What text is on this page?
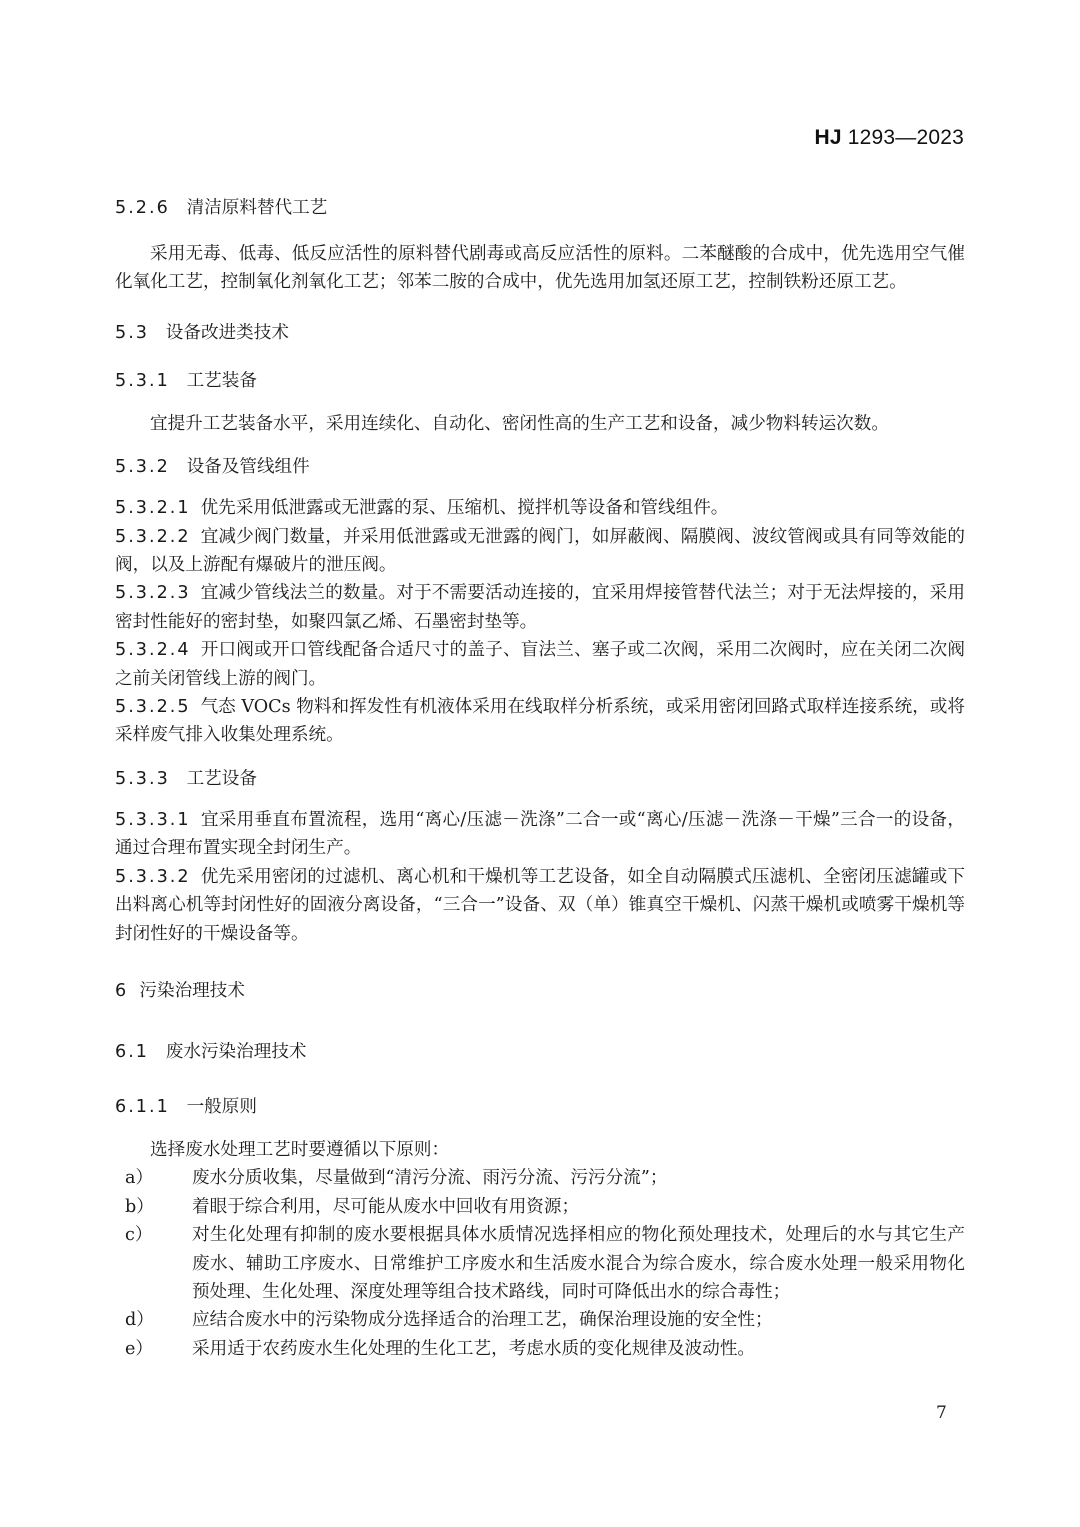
HJ 1293—2023
5.2.6 清洁原料替代工艺

采用无毒、低毒、低反应活性的原料替代剧毒或高反应活性的原料。二苯醚酸的合成中，优先选用空气催化氧化工艺，控制氧化剂氧化工艺；邻苯二胺的合成中，优先选用加氢还原工艺，控制铁粉还原工艺。

5.3 设备改进类技术
5.3.1 工艺装备

宜提升工艺装备水平，采用连续化、自动化、密闭性高的生产工艺和设备，减少物料转运次数。

5.3.2 设备及管线组件

5.3.2.1 优先采用低泄露或无泄露的泵、压缩机、搅拌机等设备和管线组件。

5.3.2.2 宜减少阀门数量，并采用低泄露或无泄露的阀门，如屏蔽阀、隔膜阀、波纹管阀或具有同等效能的阀，以及上游配有爆破片的泄压阀。

5.3.2.3 宜减少管线法兰的数量。对于不需要活动连接的，宜采用焊接管替代法兰；对于无法焊接的，采用密封性能好的密封垫，如聚四氯乙烯、石墨密封垫等。

5.3.2.4 开口阀或开口管线配备合适尺寸的盖子、盲法兰、塞子或二次阀，采用二次阀时，应在关闭二次阀之前关闭管线上游的阀门。

5.3.2.5 气态 VOCs 物料和挥发性有机液体采用在线取样分析系统，或采用密闭回路式取样连接系统，或将采样废气排入收集处理系统。

5.3.3 工艺设备

5.3.3.1 宜采用垂直布置流程，选用“离心/压滤－洗涤”二合一或“离心/压滤－洗涤－干燥”三合一的设备，通过合理布置实现全封闭生产。

5.3.3.2 优先采用密闭的过滤机、离心机和干燥机等工艺设备，如全自动隔膜式压滤机、全密闭压滤罐或下出料离心机等封闭性好的固液分离设备，“三合一”设备、双（单）锥真空干燥机、闪蒸干燥机或喷雾干燥机等封闭性好的干燥设备等。

6 污染治理技术
6.1 废水污染治理技术
6.1.1 一般原则

选择废水处理工艺时要遵循以下原则：

a） 废水分质收集，尽量做到“清污分流、雨污分流、污污分流”；
b） 着眼于综合利用，尽可能从废水中回收有用资源；
c） 对生化处理有抑制的废水要根据具体水质情况选择相应的物化预处理技术，处理后的水与其它生产废水、辅助工序废水、日常维护工序废水和生活废水混合为综合废水，综合废水处理一般采用物化预处理、生化处理、深度处理等组合技术路线，同时可降低出水的综合毒性；
d） 应结合废水中的污染物成分选择适合的治理工艺，确保治理设施的安全性；
e） 采用适于农药废水生化处理的生化工艺，考虑水质的变化规律及波动性。
7
